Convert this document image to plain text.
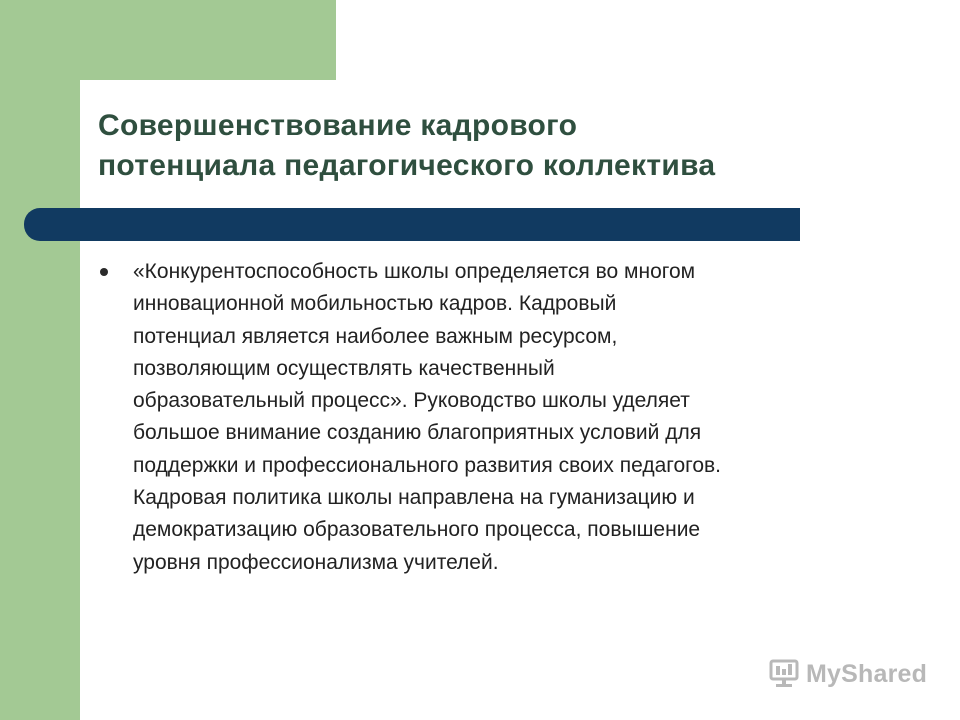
Совершенствование кадрового
потенциала педагогического коллектива
«Конкурентоспособность школы определяется во многом
инновационной мобильностью кадров. Кадровый
потенциал является наиболее важным ресурсом,
позволяющим осуществлять качественный
образовательный процесс». Руководство школы уделяет
большое внимание созданию благоприятных условий для
поддержки и профессионального развития своих педагогов.
Кадровая политика школы направлена на гуманизацию и
демократизацию образовательного процесса, повышение
уровня профессионализма учителей.
MyShared
